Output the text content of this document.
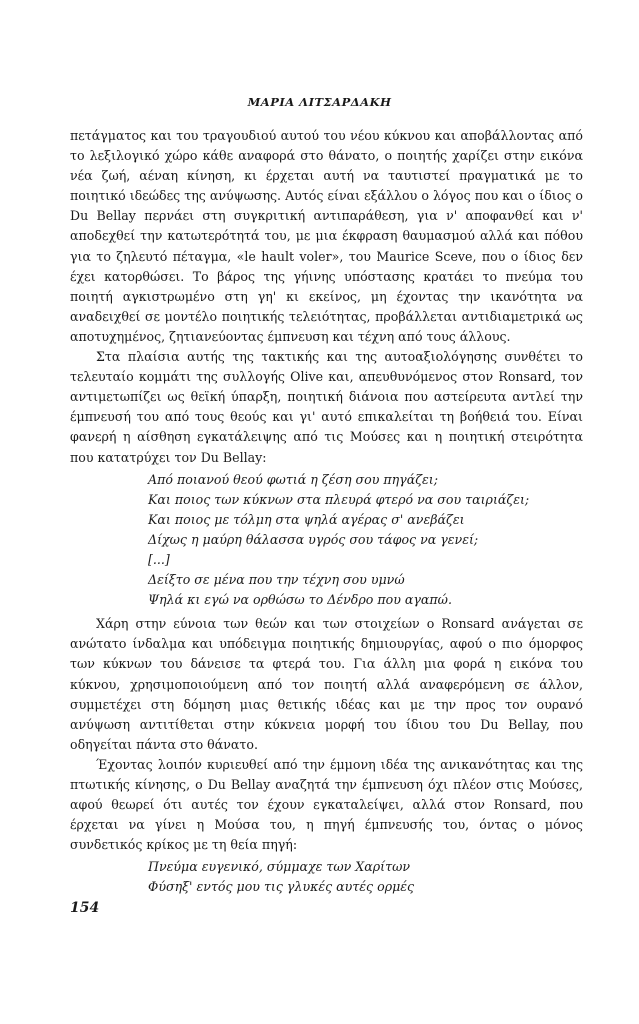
ΜΑΡΙΑ ΛΙΤΣΑΡΔΑΚΗ

πετάγματος και του τραγουδιού αυτού του νέου κύκνου και αποβάλλοντας από το λεξιλογικό χώρο κάθε αναφορά στο θάνατο, ο ποιητής χαρίζει στην εικόνα νέα ζωή, αέναη κίνηση, κι έρχεται αυτή να ταυτιστεί πραγματικά με το ποιητικό ιδεώδες της ανύψωσης. Αυτός είναι εξάλλου ο λόγος που και ο ίδιος ο Du Bellay περνάει στη συγκριτική αντιπαράθεση, για ν' αποφανθεί και ν' αποδεχθεί την κατωτερότητά του, με μια έκφραση θαυμασμού αλλά και πόθου για το ζηλευτό πέταγμα, «le hault voler», του Maurice Sceve, που ο ίδιος δεν έχει κατορθώσει. Το βάρος της γήινης υπόστασης κρατάει το πνεύμα του ποιητή αγκιστρωμένο στη γη' κι εκείνος, μη έχοντας την ικανότητα να αναδειχθεί σε μοντέλο ποιητικής τελειότητας, προβάλλεται αντιδιαμετρικά ως αποτυχημένος, ζητιανεύοντας έμπνευση και τέχνη από τους άλλους.

Στα πλαίσια αυτής της τακτικής και της αυτοαξιολόγησης συνθέτει το τελευταίο κομμάτι της συλλογής Olive και, απευθυνόμενος στον Ronsard, τον αντιμετωπίζει ως θεϊκή ύπαρξη, ποιητική διάνοια που αστείρευτα αντλεί την έμπνευσή του από τους θεούς και γι' αυτό επικαλείται τη βοήθειά του. Είναι φανερή η αίσθηση εγκατάλειψης από τις Μούσες και η ποιητική στειρότητα που κατατρύχει τον Du Bellay:

Από ποιανού θεού φωτιά η ζέση σου πηγάζει;
Και ποιος των κύκνων στα πλευρά φτερό να σου ταιριάζει;
Και ποιος με τόλμη στα ψηλά αγέρας σ' ανεβάζει
Δίχως η μαύρη θάλασσα υγρός σου τάφος να γενεί;
[...]
Δείξτο σε μένα που την τέχνη σου υμνώ
Ψηλά κι εγώ να ορθώσω το Δένδρο που αγαπώ.

Χάρη στην εύνοια των θεών και των στοιχείων ο Ronsard ανάγεται σε ανώτατο ίνδαλμα και υπόδειγμα ποιητικής δημιουργίας, αφού ο πιο όμορφος των κύκνων του δάνεισε τα φτερά του. Για άλλη μια φορά η εικόνα του κύκνου, χρησιμοποιούμενη από τον ποιητή αλλά αναφερόμενη σε άλλον, συμμετέχει στη δόμηση μιας θετικής ιδέας και με την προς τον ουρανό ανύψωση αντιτίθεται στην κύκνεια μορφή του ίδιου του Du Bellay, που οδηγείται πάντα στο θάνατο.

Έχοντας λοιπόν κυριευθεί από την έμμονη ιδέα της ανικανότητας και της πτωτικής κίνησης, ο Du Bellay αναζητά την έμπνευση όχι πλέον στις Μούσες, αφού θεωρεί ότι αυτές τον έχουν εγκαταλείψει, αλλά στον Ronsard, που έρχεται να γίνει η Μούσα του, η πηγή έμπνευσής του, όντας ο μόνος συνδετικός κρίκος με τη θεία πηγή:

Πνεύμα ευγενικό, σύμμαχε των Χαρίτων
Φύσηξ' εντός μου τις γλυκές αυτές ορμές
154
